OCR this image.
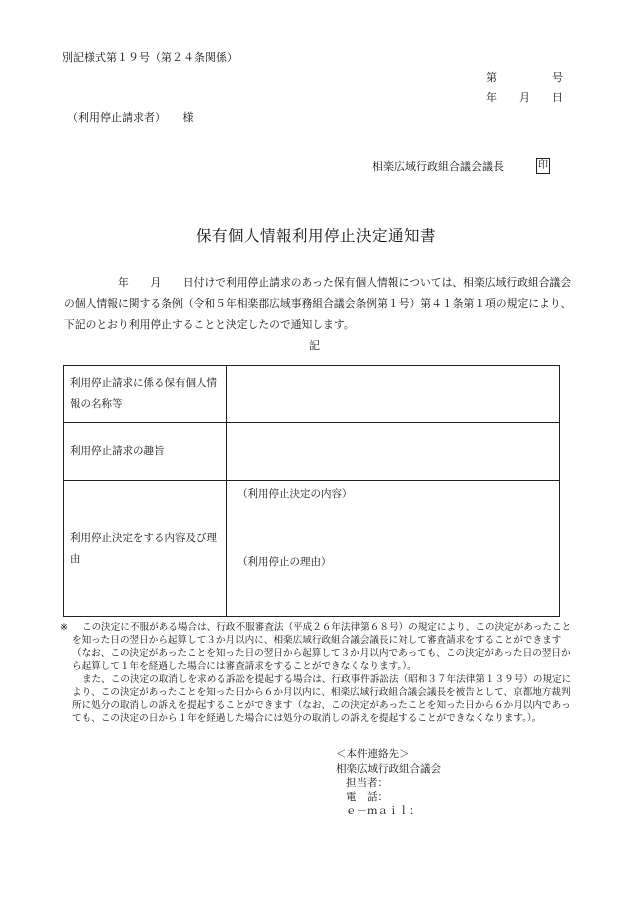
別記様式第１９号（第２４条関係）
第　　　　　号
年　　月　　日
（利用停止請求者）　　様
相楽広域行政組合議会議長	印
保有個人情報利用停止決定通知書
年　　月　　日付けで利用停止請求のあった保有個人情報については、相楽広域行政組合議会の個人情報に関する条例（令和５年相楽郡広域事務組合議会条例第１号）第４１条第１項の規定により、下記のとおり利用停止することと決定したので通知します。
記
利用停止請求に係る保有個人情報の名称等	
利用停止請求の趣旨	
利用停止決定をする内容及び理由	（利用停止決定の内容）
（利用停止の理由）
※	この決定に不服がある場合は、行政不服審査法（平成２６年法律第６８号）の規定により、この決定があったことを知った日の翌日から起算して３か月以内に、相楽広域行政組合議会議長に対して審査請求をすることができます（なお、この決定があったことを知った日の翌日から起算して３か月以内であっても、この決定があった日の翌日から起算して１年を経過した場合には審査請求をすることができなくなります。）。

また、この決定の取消しを求める訴訟を提起する場合は、行政事件訴訟法（昭和３７年法律第１３９号）の規定により、この決定があったことを知った日から６か月以内に、相楽広域行政組合議会議長を被告として、京都地方裁判所に処分の取消しの訴えを提起することができます（なお、この決定があったことを知った日から６か月以内であっても、この決定の日から１年を経過した場合には処分の取消しの訴えを提起することができなくなります。）。

＜本件連絡先＞
相楽広域行政組合議会
担当者：
電　話：
ｅ－ｍａｉｌ：
